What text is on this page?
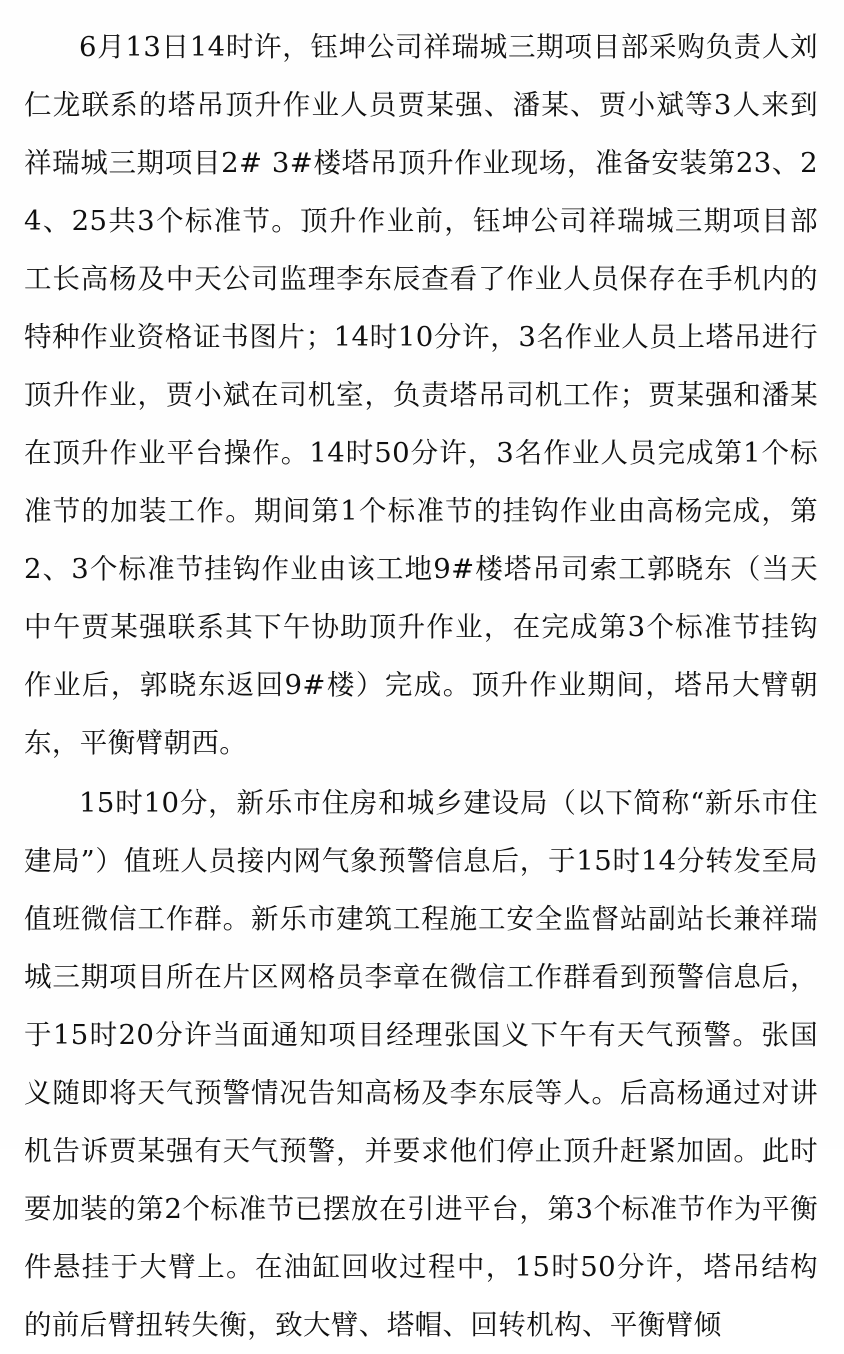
6月13日14时许，钰坤公司祥瑞城三期项目部采购负责人刘仁龙联系的塔吊顶升作业人员贾某强、潘某、贾小斌等3人来到祥瑞城三期项目2# 3#楼塔吊顶升作业现场，准备安装第23、24、25共3个标准节。顶升作业前，钰坤公司祥瑞城三期项目部工长高杨及中天公司监理李东辰查看了作业人员保存在手机内的特种作业资格证书图片；14时10分许，3名作业人员上塔吊进行顶升作业，贾小斌在司机室，负责塔吊司机工作；贾某强和潘某在顶升作业平台操作。14时50分许，3名作业人员完成第1个标准节的加装工作。期间第1个标准节的挂钩作业由高杨完成，第2、3个标准节挂钩作业由该工地9#楼塔吊司索工郭晓东（当天中午贾某强联系其下午协助顶升作业，在完成第3个标准节挂钩作业后，郭晓东返回9#楼）完成。顶升作业期间，塔吊大臂朝东，平衡臂朝西。

15时10分，新乐市住房和城乡建设局（以下简称“新乐市住建局”）值班人员接内网气象预警信息后，于15时14分转发至局值班微信工作群。新乐市建筑工程施工安全监督站副站长兼祥瑞城三期项目所在片区网格员李章在微信工作群看到预警信息后，于15时20分许当面通知项目经理张国义下午有天气预警。张国义随即将天气预警情况告知高杨及李东辰等人。后高杨通过对讲机告诉贾某强有天气预警，并要求他们停止顶升赶紧加固。此时要加装的第2个标准节已摆放在引进平台，第3个标准节作为平衡件悬挂于大臂上。在油缸回收过程中，15时50分许，塔吊结构的前后臂扭转失衡，致大臂、塔帽、回转机构、平衡臂倾
